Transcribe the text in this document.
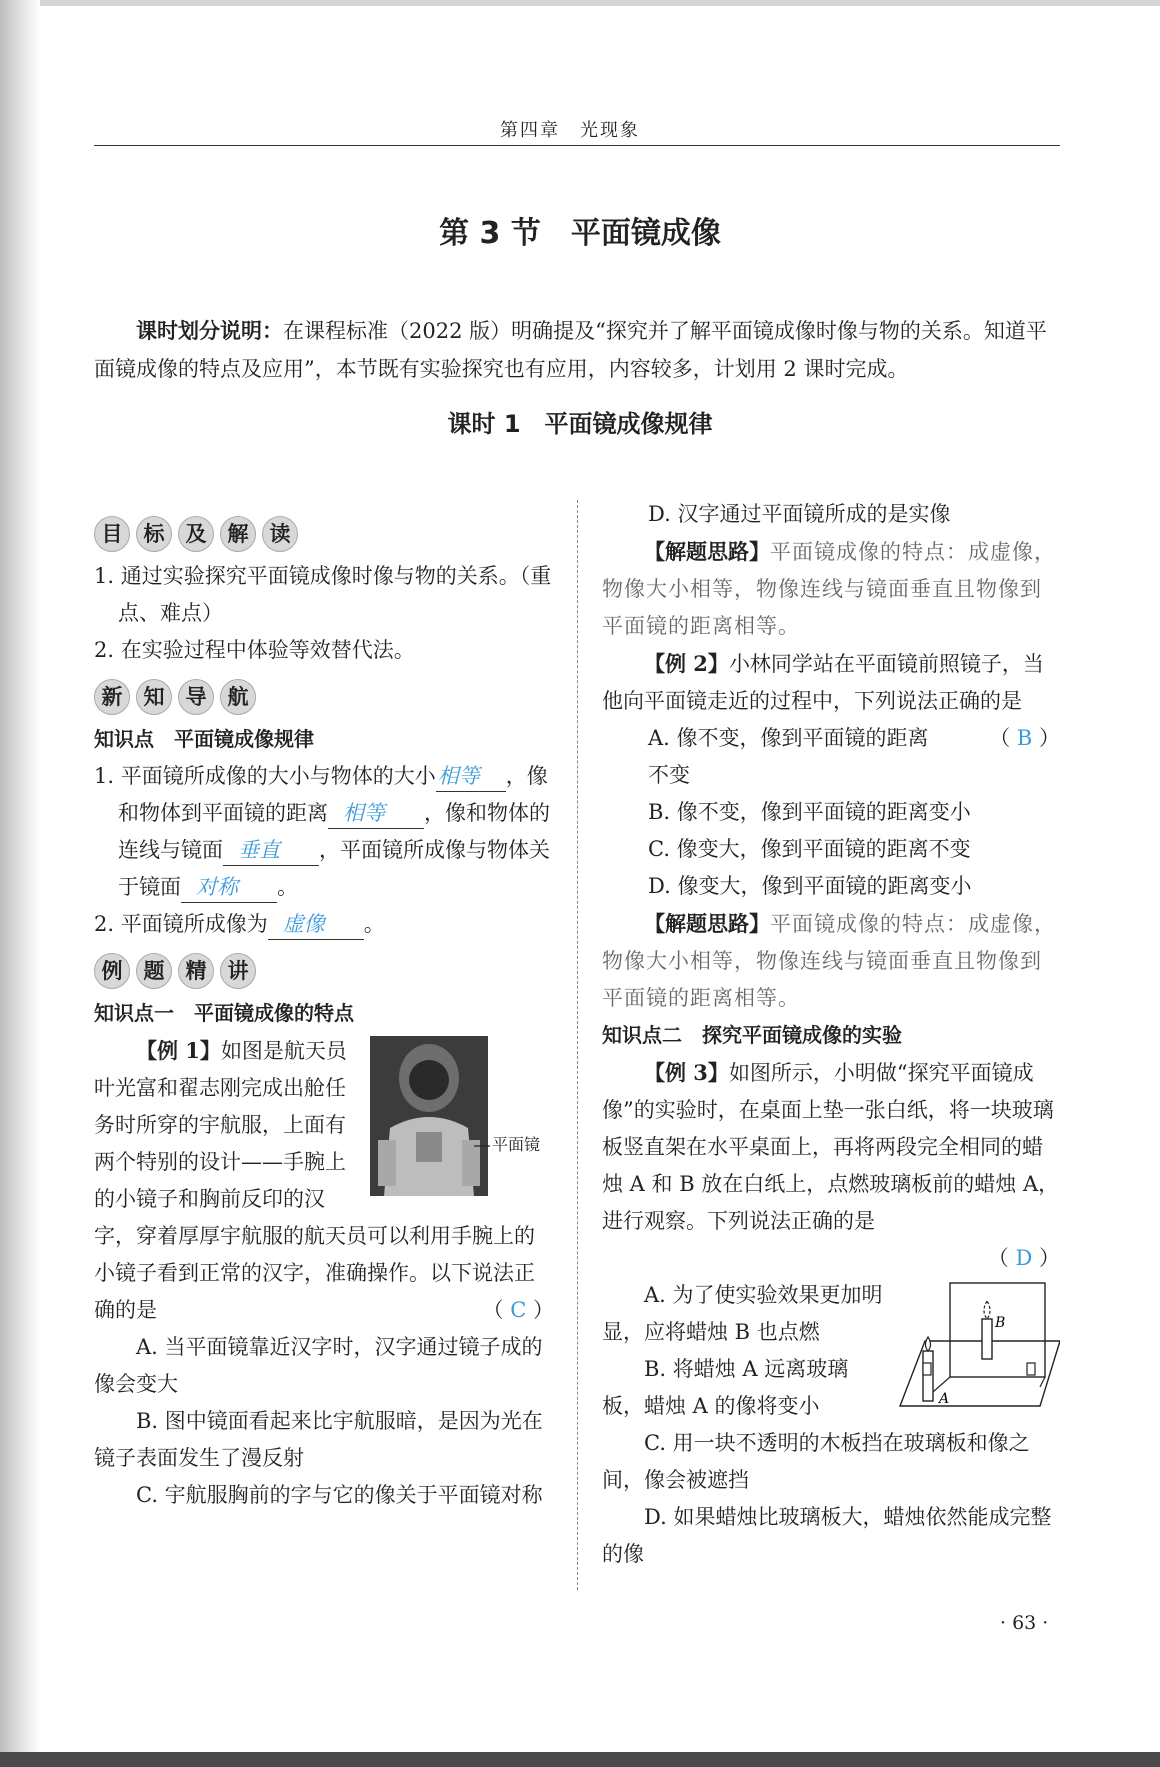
第四章　光现象
第 3 节　平面镜成像
课时划分说明：在课程标准（2022 版）明确提及“探究并了解平面镜成像时像与物的关系。知道平面镜成像的特点及应用”，本节既有实验探究也有应用，内容较多，计划用 2 课时完成。
课时 1　平面镜成像规律
目	标	及	解	读
1. 通过实验探究平面镜成像时像与物的关系。（重点、难点）
2. 在实验过程中体验等效替代法。
新	知	导	航
知识点　平面镜成像规律
1. 平面镜所成像的大小与物体的大小相等 ，像和物体到平面镜的距离 相等 ，像和物体的连线与镜面 垂直 ，平面镜所成像与物体关于镜面 对称 。
2. 平面镜所成像为 虚像 。
例	题	精	讲
知识点一　平面镜成像的特点
平面镜
【例 1】如图是航天员叶光富和翟志刚完成出舱任务时所穿的宇航服，上面有两个特别的设计——手腕上的小镜子和胸前反印的汉字，穿着厚厚宇航服的航天员可以利用手腕上的小镜子看到正常的汉字，准确操作。以下说法正确的是	（ C ）
A. 当平面镜靠近汉字时，汉字通过镜子成的像会变大
B. 图中镜面看起来比宇航服暗，是因为光在镜子表面发生了漫反射
C. 宇航服胸前的字与它的像关于平面镜对称
D. 汉字通过平面镜所成的是实像
【解题思路】平面镜成像的特点：成虚像，物像大小相等，物像连线与镜面垂直且物像到平面镜的距离相等。
【例 2】小林同学站在平面镜前照镜子，当他向平面镜走近的过程中，下列说法正确的是
（ B ）
A. 像不变，像到平面镜的距离不变
B. 像不变，像到平面镜的距离变小
C. 像变大，像到平面镜的距离不变
D. 像变大，像到平面镜的距离变小
【解题思路】平面镜成像的特点：成虚像，物像大小相等，物像连线与镜面垂直且物像到平面镜的距离相等。
知识点二　探究平面镜成像的实验
【例 3】如图所示，小明做“探究平面镜成像”的实验时，在桌面上垫一张白纸，将一块玻璃板竖直架在水平桌面上，再将两段完全相同的蜡烛 A 和 B 放在白纸上，点燃玻璃板前的蜡烛 A，进行观察。下列说法正确的是
（ D ）
B
A
A. 为了使实验效果更加明显，应将蜡烛 B 也点燃
B. 将蜡烛 A 远离玻璃板，蜡烛 A 的像将变小
C. 用一块不透明的木板挡在玻璃板和像之间，像会被遮挡
D. 如果蜡烛比玻璃板大，蜡烛依然能成完整的像
· 63 ·
